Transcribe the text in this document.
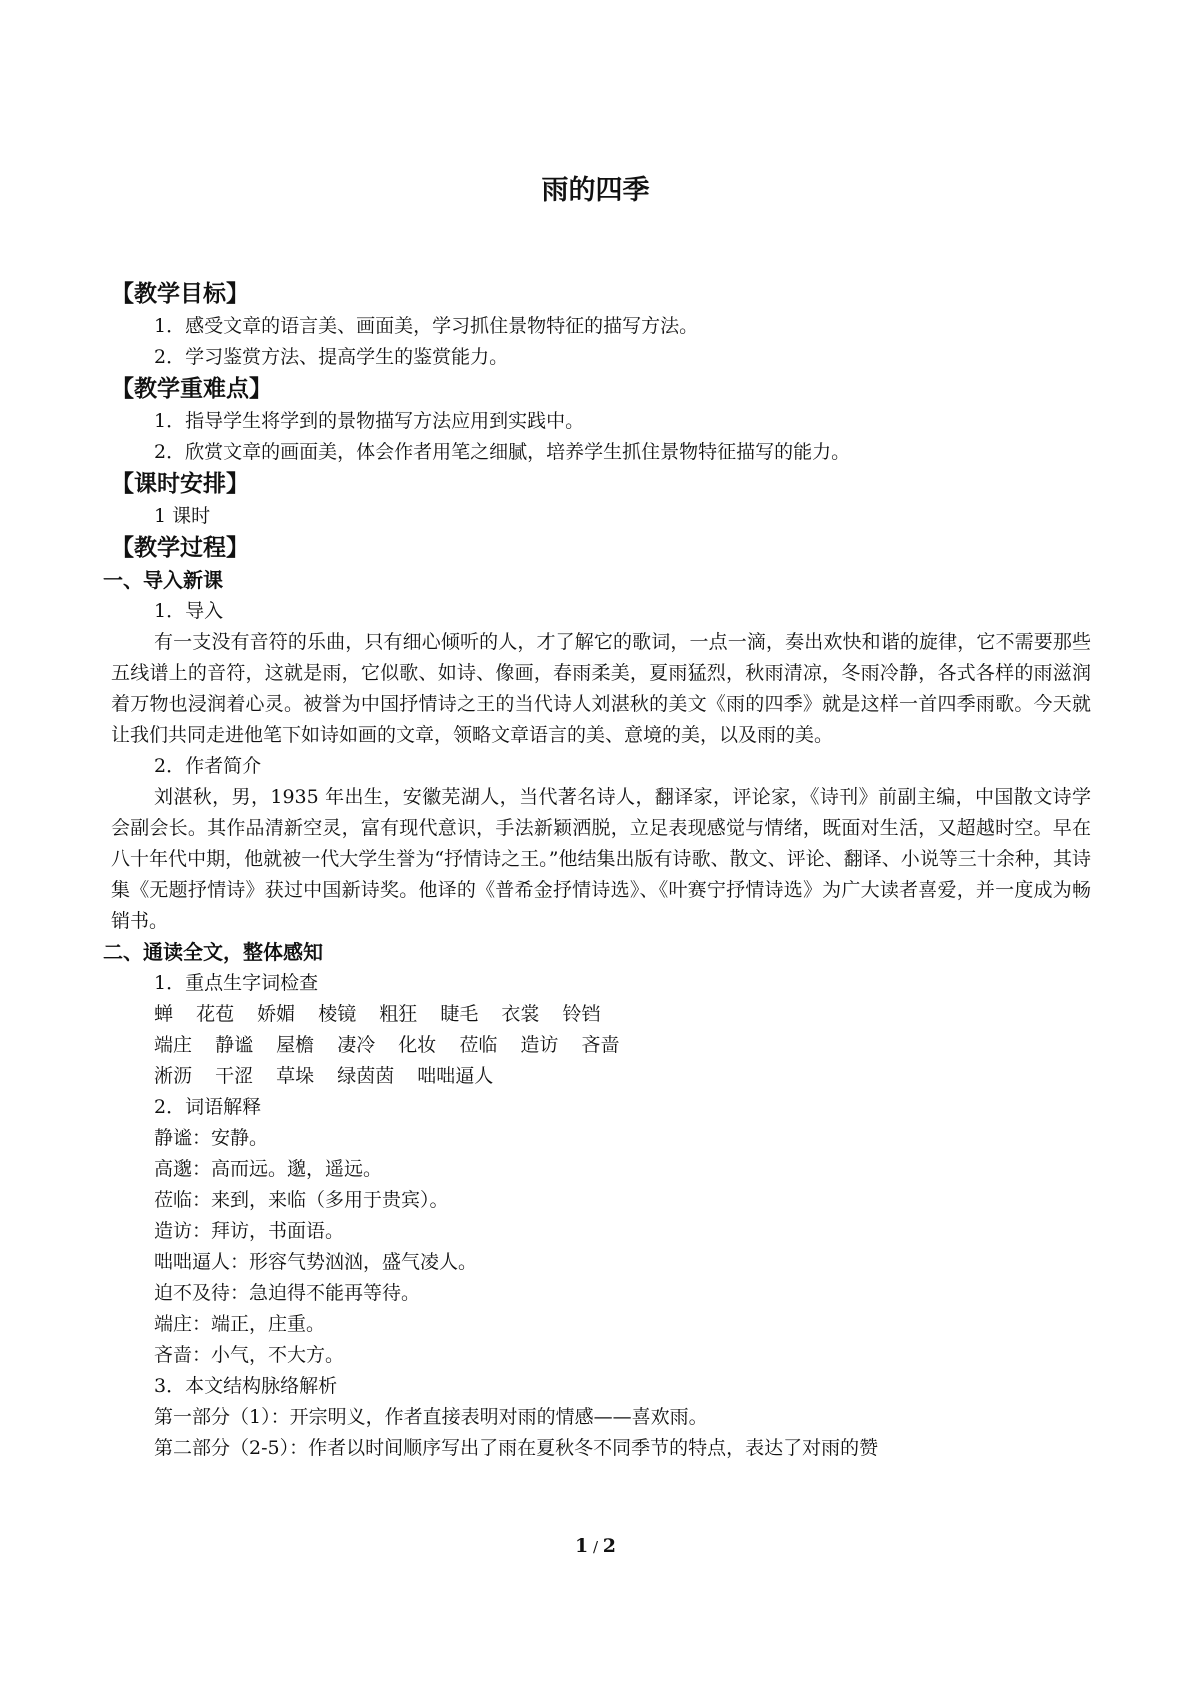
雨的四季
【教学目标】
1．感受文章的语言美、画面美，学习抓住景物特征的描写方法。
2．学习鉴赏方法、提高学生的鉴赏能力。
【教学重难点】
1．指导学生将学到的景物描写方法应用到实践中。
2．欣赏文章的画面美，体会作者用笔之细腻，培养学生抓住景物特征描写的能力。
【课时安排】
1 课时
【教学过程】
一、导入新课
1．导入

有一支没有音符的乐曲，只有细心倾听的人，才了解它的歌词，一点一滴，奏出欢快和谐的旋律，它不需要那些五线谱上的音符，这就是雨，它似歌、如诗、像画，春雨柔美，夏雨猛烈，秋雨清凉，冬雨冷静，各式各样的雨滋润着万物也浸润着心灵。被誉为中国抒情诗之王的当代诗人刘湛秋的美文《雨的四季》就是这样一首四季雨歌。今天就让我们共同走进他笔下如诗如画的文章，领略文章语言的美、意境的美，以及雨的美。

2．作者简介

刘湛秋，男，1935 年出生，安徽芜湖人，当代著名诗人，翻译家，评论家，《诗刊》前副主编，中国散文诗学会副会长。其作品清新空灵，富有现代意识，手法新颖洒脱，立足表现感觉与情绪，既面对生活，又超越时空。早在八十年代中期，他就被一代大学生誉为“抒情诗之王。”他结集出版有诗歌、散文、评论、翻译、小说等三十余种，其诗集《无题抒情诗》获过中国新诗奖。他译的《普希金抒情诗选》、《叶赛宁抒情诗选》为广大读者喜爱，并一度成为畅销书。

二、通读全文，整体感知
1．重点生字词检查
蝉 花苞 娇媚 棱镜 粗狂 睫毛 衣裳 铃铛
端庄 静谧 屋檐 凄冷 化妆 莅临 造访 吝啬
淅沥 干涩 草垛 绿茵茵 咄咄逼人
2．词语解释
静谧：安静。
高邈：高而远。邈，遥远。
莅临：来到，来临（多用于贵宾）。
造访：拜访，书面语。
咄咄逼人：形容气势汹汹，盛气凌人。
迫不及待：急迫得不能再等待。
端庄：端正，庄重。
吝啬：小气，不大方。
3．本文结构脉络解析
第一部分（1）：开宗明义，作者直接表明对雨的情感——喜欢雨。
第二部分（2-5）：作者以时间顺序写出了雨在夏秋冬不同季节的特点，表达了对雨的赞
1 / 2
